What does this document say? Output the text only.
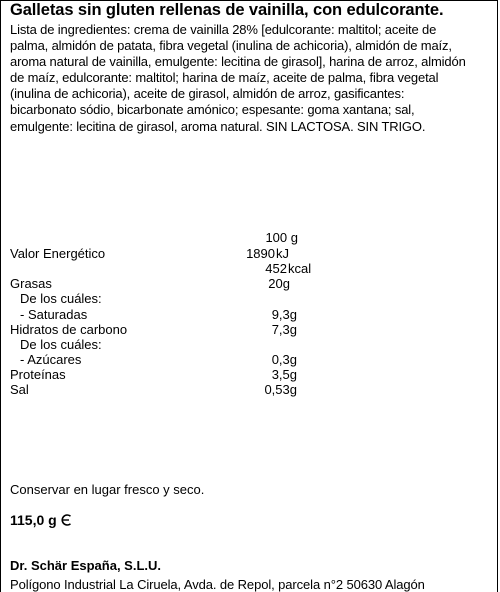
Galletas sin gluten rellenas de vainilla, con edulcorante.

Lista de ingredientes: crema de vainilla 28% [edulcorante: maltitol; aceite de
palma, almidón de patata, fibra vegetal (inulina de achicoria), almidón de maíz,
aroma natural de vainilla, emulgente: lecitina de girasol], harina de arroz, almidón
de maíz, edulcorante: maltitol; harina de maíz, aceite de palma, fibra vegetal
(inulina de achicoria), aceite de girasol, almidón de arroz, gasificantes:
bicarbonato sódio, bicarbonate amónico; espesante: goma xantana; sal,
emulgente: lecitina de girasol, aroma natural. SIN LACTOSA. SIN TRIGO.

100 g
Valor Energético	1890 kJ
452 kcal
Grasas	20g
De los cuáles:
- Saturadas	9,3g
Hidratos de carbono	7,3g
De los cuáles:
- Azúcares	0,3g
Proteínas	3,5g
Sal	0,53g
Conservar en lugar fresco y seco.
115,0 g
Dr. Schär España, S.L.U.
Polígono Industrial La Ciruela, Avda. de Repol, parcela n°2 50630 Alagón
